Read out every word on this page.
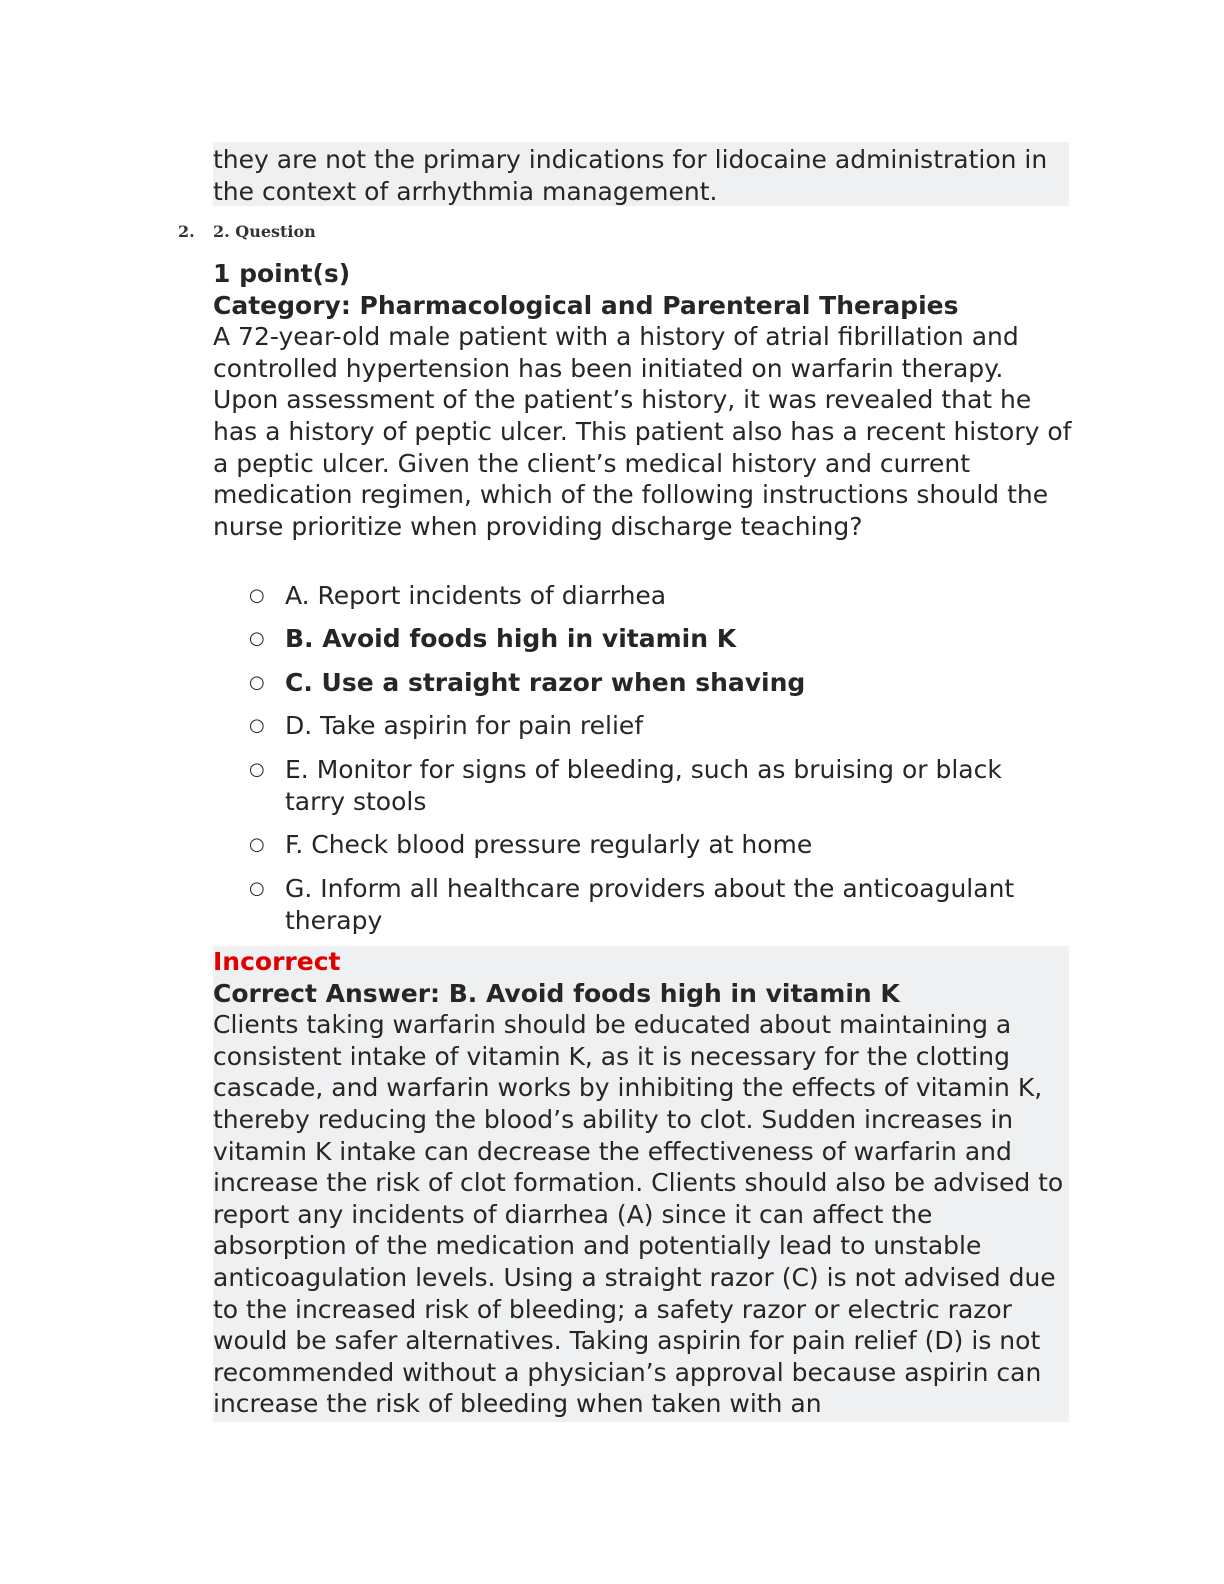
they are not the primary indications for lidocaine administration in the context of arrhythmia management.
2. 2. Question
1 point(s)
Category: Pharmacological and Parenteral Therapies
A 72-year-old male patient with a history of atrial fibrillation and controlled hypertension has been initiated on warfarin therapy. Upon assessment of the patient’s history, it was revealed that he has a history of peptic ulcer. This patient also has a recent history of a peptic ulcer. Given the client’s medical history and current medication regimen, which of the following instructions should the nurse prioritize when providing discharge teaching?
○ A. Report incidents of diarrhea
○ B. Avoid foods high in vitamin K
○ C. Use a straight razor when shaving
○ D. Take aspirin for pain relief
○ E. Monitor for signs of bleeding, such as bruising or black tarry stools
○ F. Check blood pressure regularly at home
○ G. Inform all healthcare providers about the anticoagulant therapy
Incorrect
Correct Answer: B. Avoid foods high in vitamin K
Clients taking warfarin should be educated about maintaining a consistent intake of vitamin K, as it is necessary for the clotting cascade, and warfarin works by inhibiting the effects of vitamin K, thereby reducing the blood’s ability to clot. Sudden increases in vitamin K intake can decrease the effectiveness of warfarin and increase the risk of clot formation. Clients should also be advised to report any incidents of diarrhea (A) since it can affect the absorption of the medication and potentially lead to unstable anticoagulation levels. Using a straight razor (C) is not advised due to the increased risk of bleeding; a safety razor or electric razor would be safer alternatives. Taking aspirin for pain relief (D) is not recommended without a physician’s approval because aspirin can increase the risk of bleeding when taken with an
